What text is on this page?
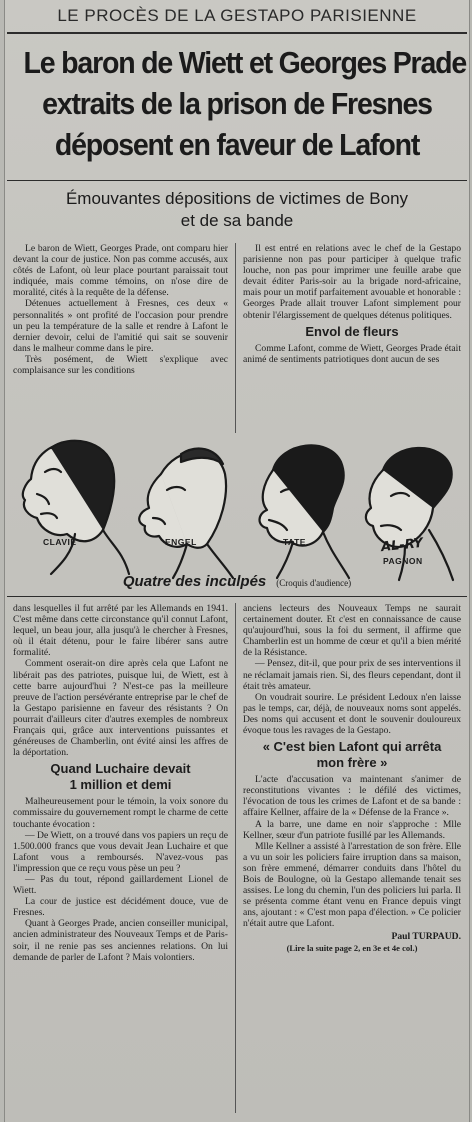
LE PROCÈS DE LA GESTAPO PARISIENNE
Le baron de Wiett et Georges Prade
extraits de la prison de Fresnes
déposent en faveur de Lafont
Émouvantes dépositions de victimes de Bony
et de sa bande

Le baron de Wiett, Georges Prade, ont comparu hier devant la cour de justice. Non pas comme accusés, aux côtés de Lafont, où leur place pourtant paraissait tout indiquée, mais comme témoins, on n'ose dire de moralité, cités à la requête de la défense.

Détenues actuellement à Fresnes, ces deux « personnalités » ont profité de l'occasion pour prendre un peu la température de la salle et rendre à Lafont le dernier devoir, celui de l'amitié qui sait se souvenir dans le malheur comme dans le pire.

Très posément, de Wiett s'explique avec complaisance sur les conditions

Il est entré en relations avec le chef de la Gestapo parisienne non pas pour participer à quelque trafic louche, non pas pour imprimer une feuille arabe que devait éditer Paris-soir au la brigade nord-africaine, mais pour un motif parfaitement avouable et honorable : Georges Prade allait trouver Lafont simplement pour obtenir l'élargissement de quelques détenus politiques.

Envol de fleurs

Comme Lafont, comme de Wiett, Georges Prade était animé de sentiments patriotiques dont aucun de ses

CLAVIE	ENGEL	TATE
PAGNON
AL-RY
Quatre des inculpés (Croquis d'audience)

dans lesquelles il fut arrêté par les Allemands en 1941. C'est même dans cette circonstance qu'il connut Lafont, lequel, un beau jour, alla jusqu'à le chercher à Fresnes, où il était détenu, pour le faire libérer sans autre formalité.

Comment oserait-on dire après cela que Lafont ne libérait pas des patriotes, puisque lui, de Wiett, est à cette barre aujourd'hui ? N'est-ce pas la meilleure preuve de l'action persévérante entreprise par le chef de la Gestapo parisienne en faveur des résistants ? On pourrait d'ailleurs citer d'autres exemples de nombreux Français qui, grâce aux interventions puissantes et généreuses de Chamberlin, ont évité ainsi les affres de la déportation.

Quand Luchaire devait
1 million et demi

Malheureusement pour le témoin, la voix sonore du commissaire du gouvernement rompt le charme de cette touchante évocation :

— De Wiett, on a trouvé dans vos papiers un reçu de 1.500.000 francs que vous devait Jean Luchaire et que Lafont vous a remboursés. N'avez-vous pas l'impression que ce reçu vous pèse un peu ?

— Pas du tout, répond gaillardement Lionel de Wiett.

La cour de justice est décidément douce, vue de Fresnes.

Quant à Georges Prade, ancien conseiller municipal, ancien administrateur des Nouveaux Temps et de Paris-soir, il ne renie pas ses anciennes relations. On lui demande de parler de Lafont ? Mais volontiers.

anciens lecteurs des Nouveaux Temps ne saurait certainement douter. Et c'est en connaissance de cause qu'aujourd'hui, sous la foi du serment, il affirme que Chamberlin est un homme de cœur et qu'il a bien mérité de la Résistance.

— Pensez, dit-il, que pour prix de ses interventions il ne réclamait jamais rien. Si, des fleurs cependant, dont il était très amateur.

On voudrait sourire. Le président Ledoux n'en laisse pas le temps, car, déjà, de nouveaux noms sont appelés. Des noms qui accusent et dont le souvenir douloureux évoque tous les ravages de la Gestapo.

« C'est bien Lafont qui arrêta
mon frère »

L'acte d'accusation va maintenant s'animer de reconstitutions vivantes : le défilé des victimes, l'évocation de tous les crimes de Lafont et de sa bande : affaire Kellner, affaire de la « Défense de la France ».

A la barre, une dame en noir s'approche : Mlle Kellner, sœur d'un patriote fusillé par les Allemands.

Mlle Kellner a assisté à l'arrestation de son frère. Elle a vu un soir les policiers faire irruption dans sa maison, son frère emmené, démarrer conduits dans l'hôtel du Bois de Boulogne, où la Gestapo allemande tenait ses assises. Le long du chemin, l'un des policiers lui parla. Il se présenta comme étant venu en France depuis vingt ans, ajoutant : « C'est mon papa d'élection. » Ce policier n'était autre que Lafont.

Paul TURPAUD.

(Lire la suite page 2, en 3e et 4e col.)
